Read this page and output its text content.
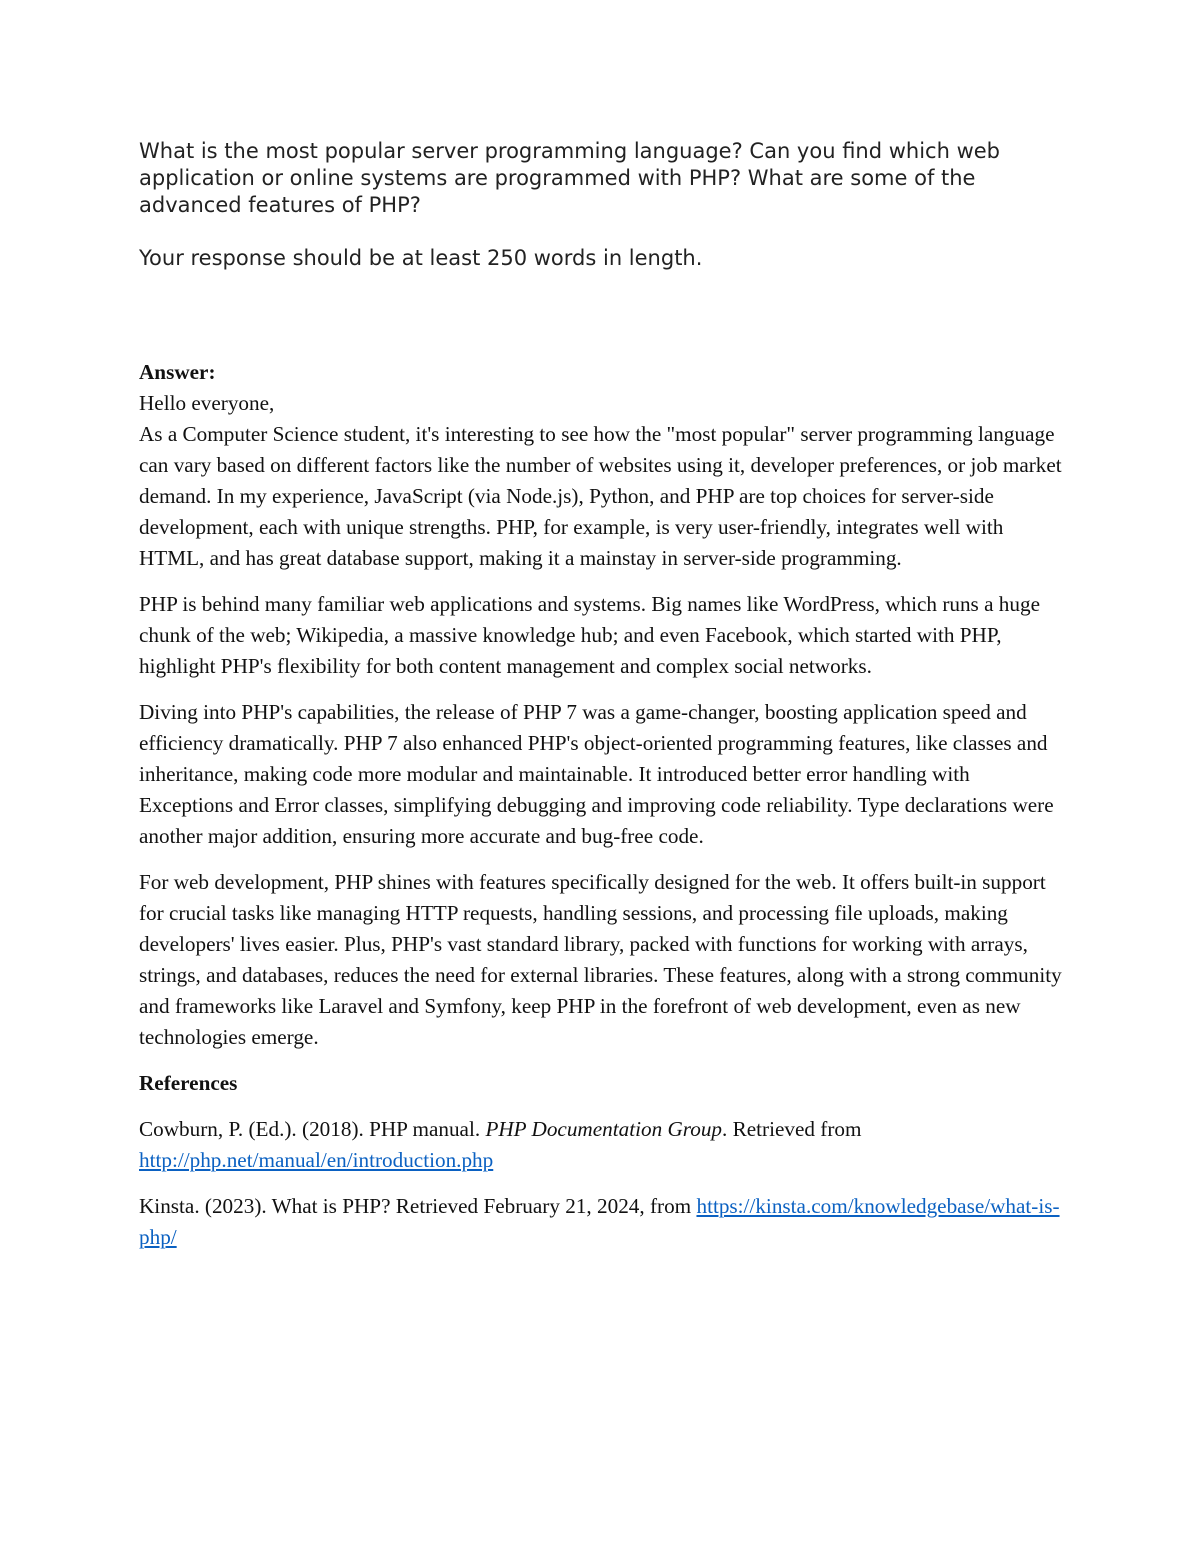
What is the most popular server programming language? Can you find which web application or online systems are programmed with PHP? What are some of the advanced features of PHP?

Your response should be at least 250 words in length.

Answer:

Hello everyone,

As a Computer Science student, it's interesting to see how the "most popular" server programming language can vary based on different factors like the number of websites using it, developer preferences, or job market demand. In my experience, JavaScript (via Node.js), Python, and PHP are top choices for server-side development, each with unique strengths. PHP, for example, is very user-friendly, integrates well with HTML, and has great database support, making it a mainstay in server-side programming.

PHP is behind many familiar web applications and systems. Big names like WordPress, which runs a huge chunk of the web; Wikipedia, a massive knowledge hub; and even Facebook, which started with PHP, highlight PHP's flexibility for both content management and complex social networks.

Diving into PHP's capabilities, the release of PHP 7 was a game-changer, boosting application speed and efficiency dramatically. PHP 7 also enhanced PHP's object-oriented programming features, like classes and inheritance, making code more modular and maintainable. It introduced better error handling with Exceptions and Error classes, simplifying debugging and improving code reliability. Type declarations were another major addition, ensuring more accurate and bug-free code.

For web development, PHP shines with features specifically designed for the web. It offers built-in support for crucial tasks like managing HTTP requests, handling sessions, and processing file uploads, making developers' lives easier. Plus, PHP's vast standard library, packed with functions for working with arrays, strings, and databases, reduces the need for external libraries. These features, along with a strong community and frameworks like Laravel and Symfony, keep PHP in the forefront of web development, even as new technologies emerge.

References

Cowburn, P. (Ed.). (2018). PHP manual. PHP Documentation Group. Retrieved from http://php.net/manual/en/introduction.php

Kinsta. (2023). What is PHP? Retrieved February 21, 2024, from https://kinsta.com/knowledgebase/what-is-php/
